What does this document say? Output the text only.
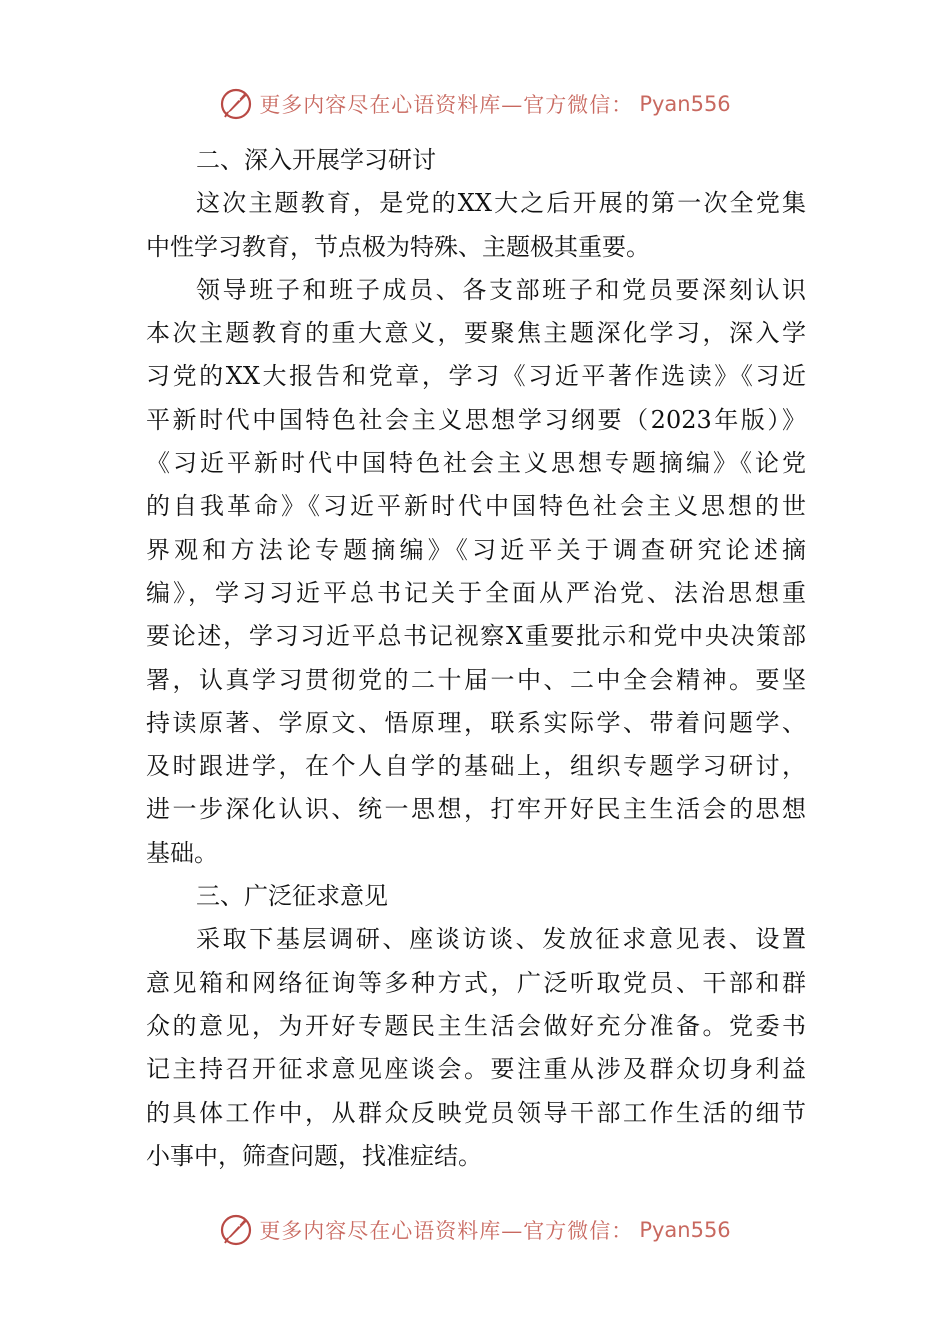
更多内容尽在心语资料库—官方微信： Pyan556
二、深入开展学习研讨
这次主题教育，是党的XX大之后开展的第一次全党集
中性学习教育，节点极为特殊、主题极其重要。
领导班子和班子成员、各支部班子和党员要深刻认识
本次主题教育的重大意义，要聚焦主题深化学习，深入学
习党的XX大报告和党章，学习《习近平著作选读》《习近
平新时代中国特色社会主义思想学习纲要（2023年版）》
《习近平新时代中国特色社会主义思想专题摘编》《论党
的自我革命》《习近平新时代中国特色社会主义思想的世
界观和方法论专题摘编》《习近平关于调查研究论述摘
编》，学习习近平总书记关于全面从严治党、法治思想重
要论述，学习习近平总书记视察X重要批示和党中央决策部
署，认真学习贯彻党的二十届一中、二中全会精神。要坚
持读原著、学原文、悟原理，联系实际学、带着问题学、
及时跟进学，在个人自学的基础上，组织专题学习研讨，
进一步深化认识、统一思想，打牢开好民主生活会的思想
基础。
三、广泛征求意见
采取下基层调研、座谈访谈、发放征求意见表、设置
意见箱和网络征询等多种方式，广泛听取党员、干部和群
众的意见，为开好专题民主生活会做好充分准备。党委书
记主持召开征求意见座谈会。要注重从涉及群众切身利益
的具体工作中，从群众反映党员领导干部工作生活的细节
小事中，筛查问题，找准症结。
更多内容尽在心语资料库—官方微信： Pyan556
